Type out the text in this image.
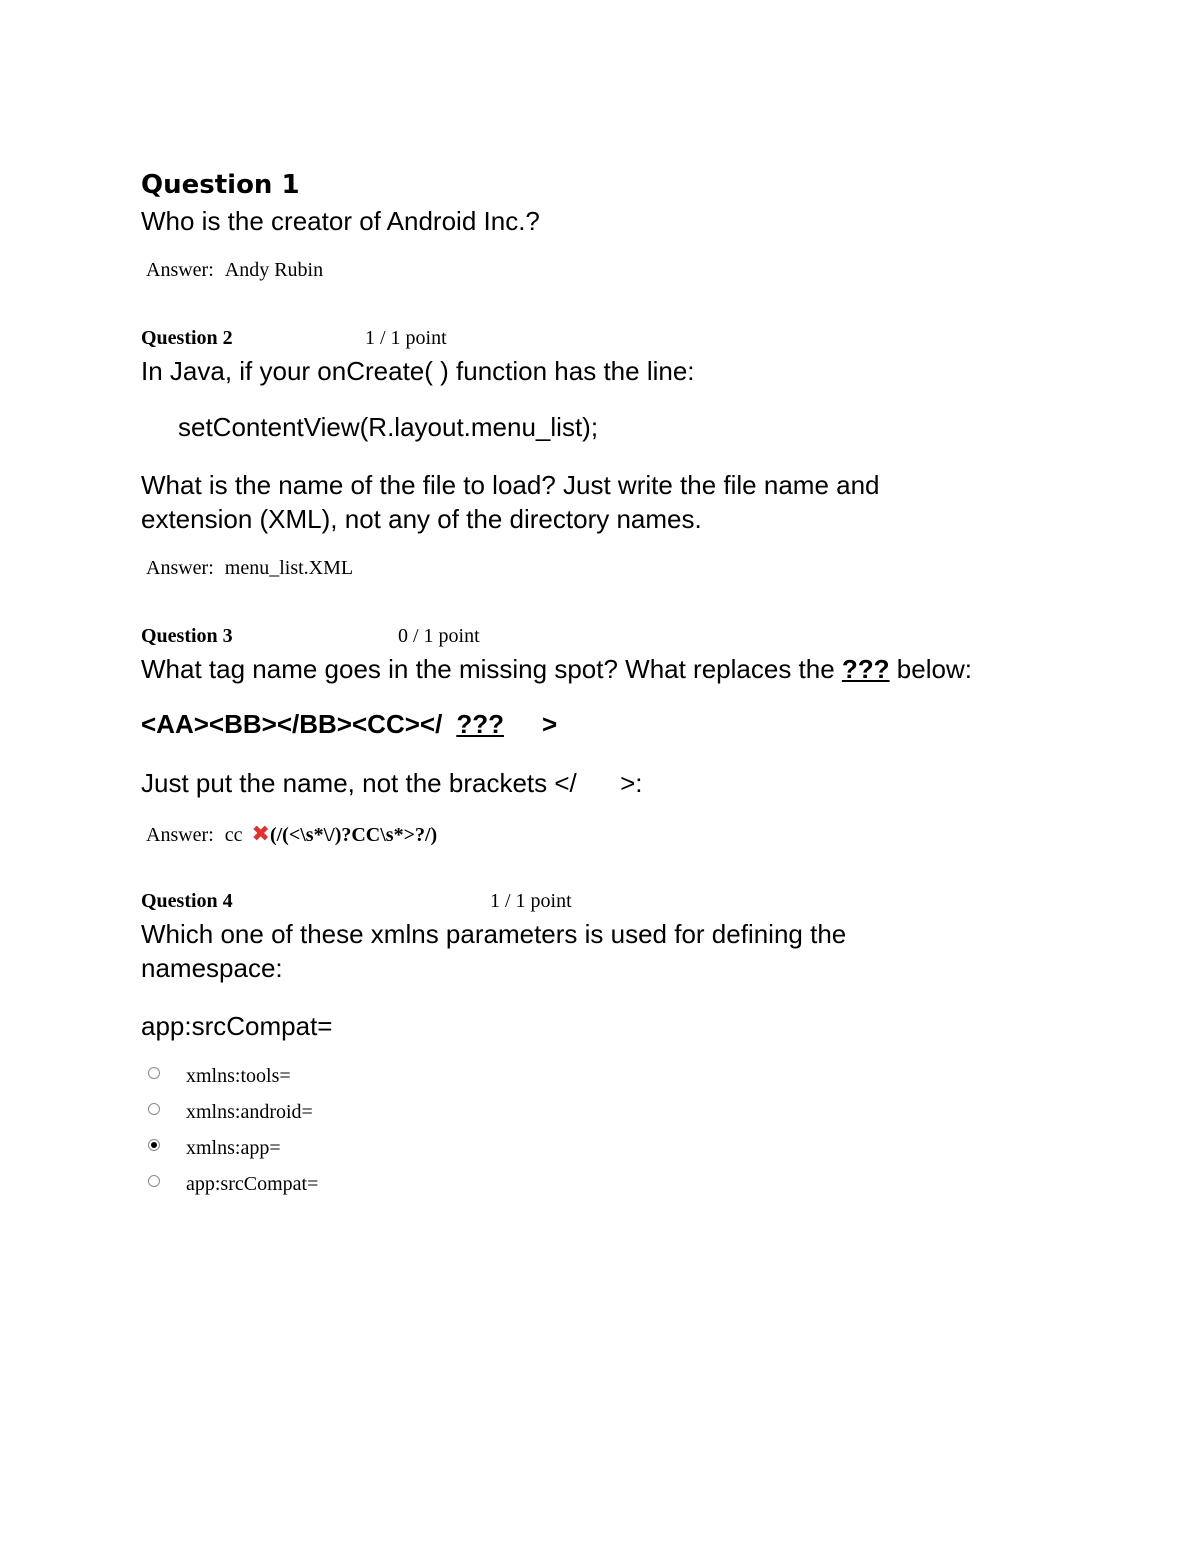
Question 1
Who is the creator of Android Inc.?
Answer: Andy Rubin
Question 2	1 / 1 point
In Java, if your onCreate( ) function has the line:
setContentView(R.layout.menu_list);
What is the name of the file to load? Just write the file name and
extension (XML), not any of the directory names.
Answer: menu_list.XML
Question 3	0 / 1 point
What tag name goes in the missing spot? What replaces the ??? below:
<AA><BB></BB><CC></ ??? >
Just put the name, not the brackets </      >:
Answer: cc ✖(/(<\s*\/)?CC\s*>?/)
Question 4	1 / 1 point
Which one of these xmlns parameters is used for defining the
namespace:
app:srcCompat=
xmlns:tools=
xmlns:android=
xmlns:app=
app:srcCompat=
